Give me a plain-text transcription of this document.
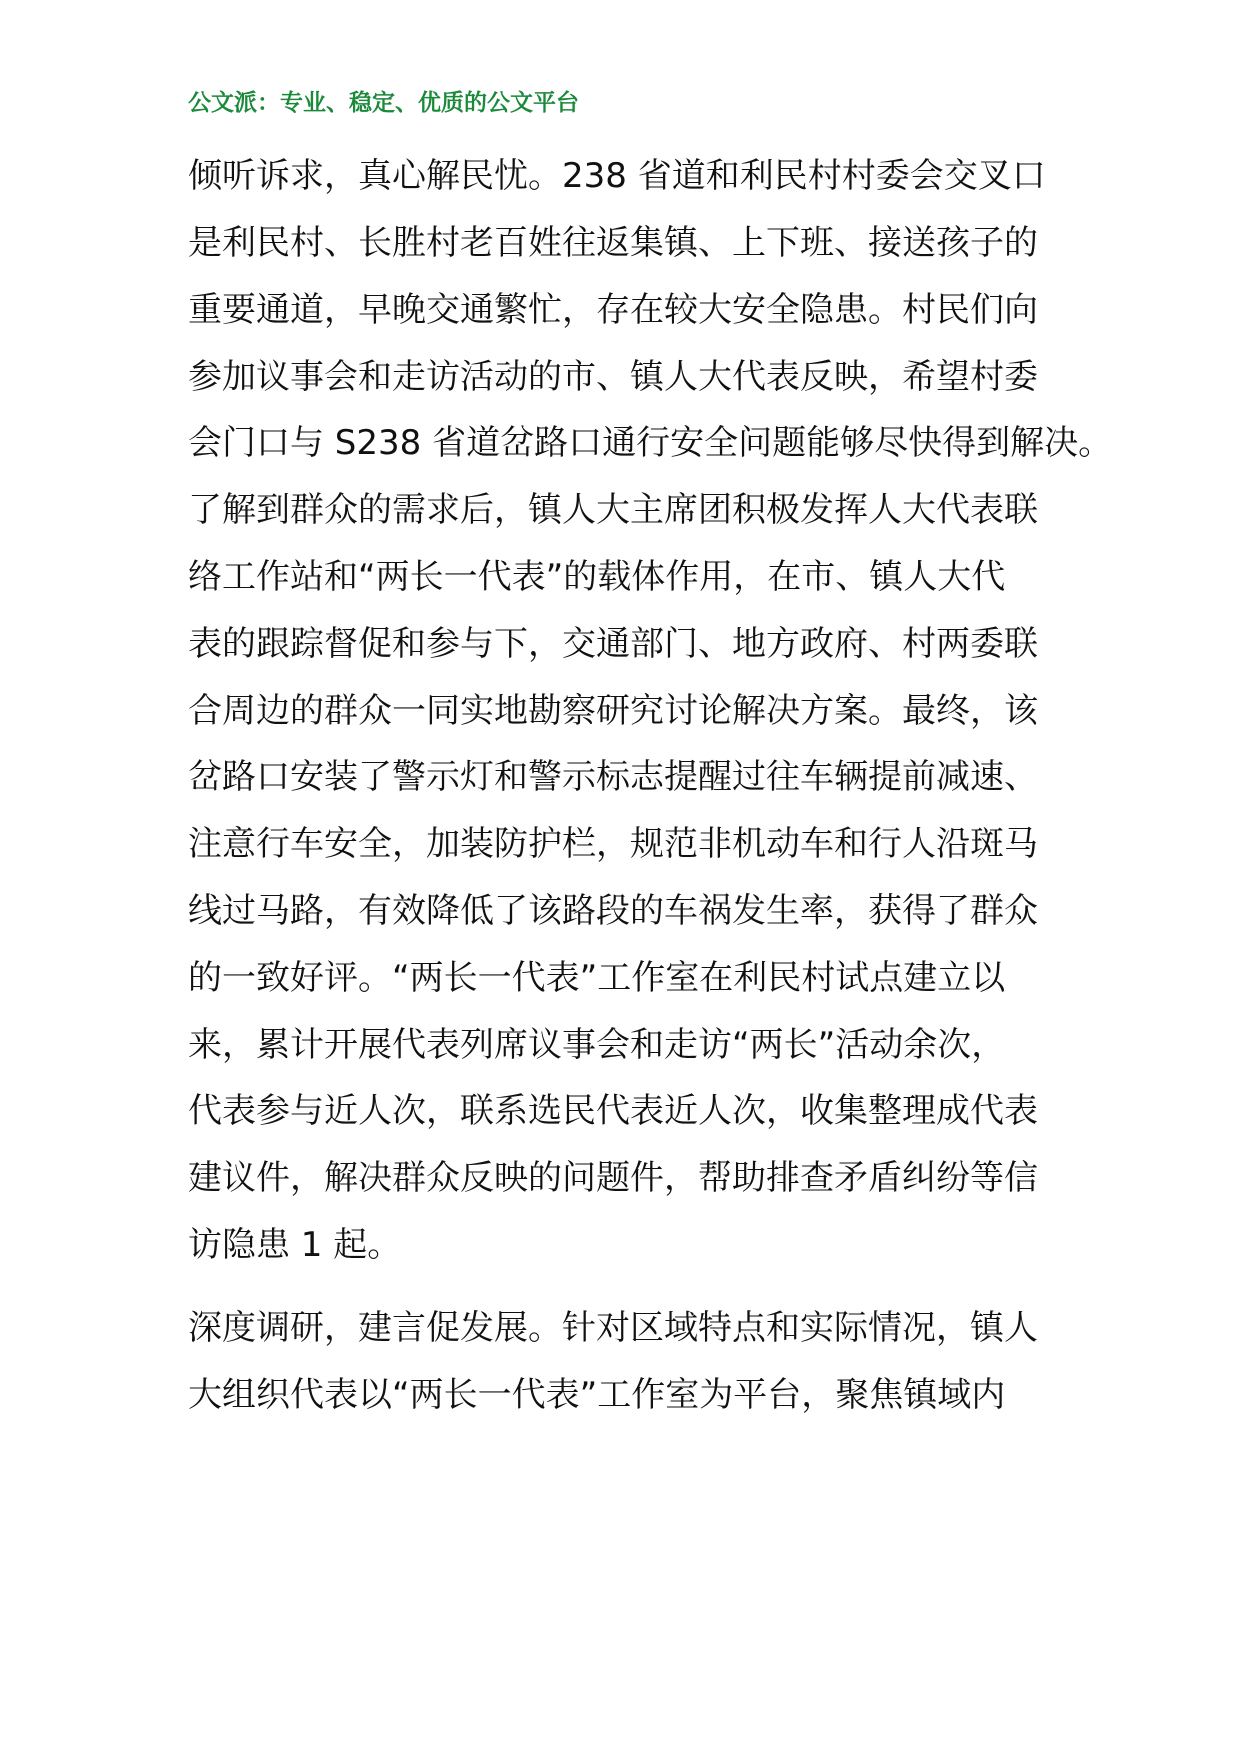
公文派：专业、稳定、优质的公文平台
倾听诉求，真心解民忧。238 省道和利民村村委会交叉口
是利民村、长胜村老百姓往返集镇、上下班、接送孩子的
重要通道，早晚交通繁忙，存在较大安全隐患。村民们向
参加议事会和走访活动的市、镇人大代表反映，希望村委
会门口与 S238 省道岔路口通行安全问题能够尽快得到解决。
了解到群众的需求后，镇人大主席团积极发挥人大代表联
络工作站和“两长一代表”的载体作用，在市、镇人大代
表的跟踪督促和参与下，交通部门、地方政府、村两委联
合周边的群众一同实地勘察研究讨论解决方案。最终，该
岔路口安装了警示灯和警示标志提醒过往车辆提前减速、
注意行车安全，加装防护栏，规范非机动车和行人沿斑马
线过马路，有效降低了该路段的车祸发生率，获得了群众
的一致好评。“两长一代表”工作室在利民村试点建立以
来，累计开展代表列席议事会和走访“两长”活动余次，
代表参与近人次，联系选民代表近人次，收集整理成代表
建议件，解决群众反映的问题件，帮助排查矛盾纠纷等信
访隐患 1 起。
深度调研，建言促发展。针对区域特点和实际情况，镇人
大组织代表以“两长一代表”工作室为平台，聚焦镇域内
